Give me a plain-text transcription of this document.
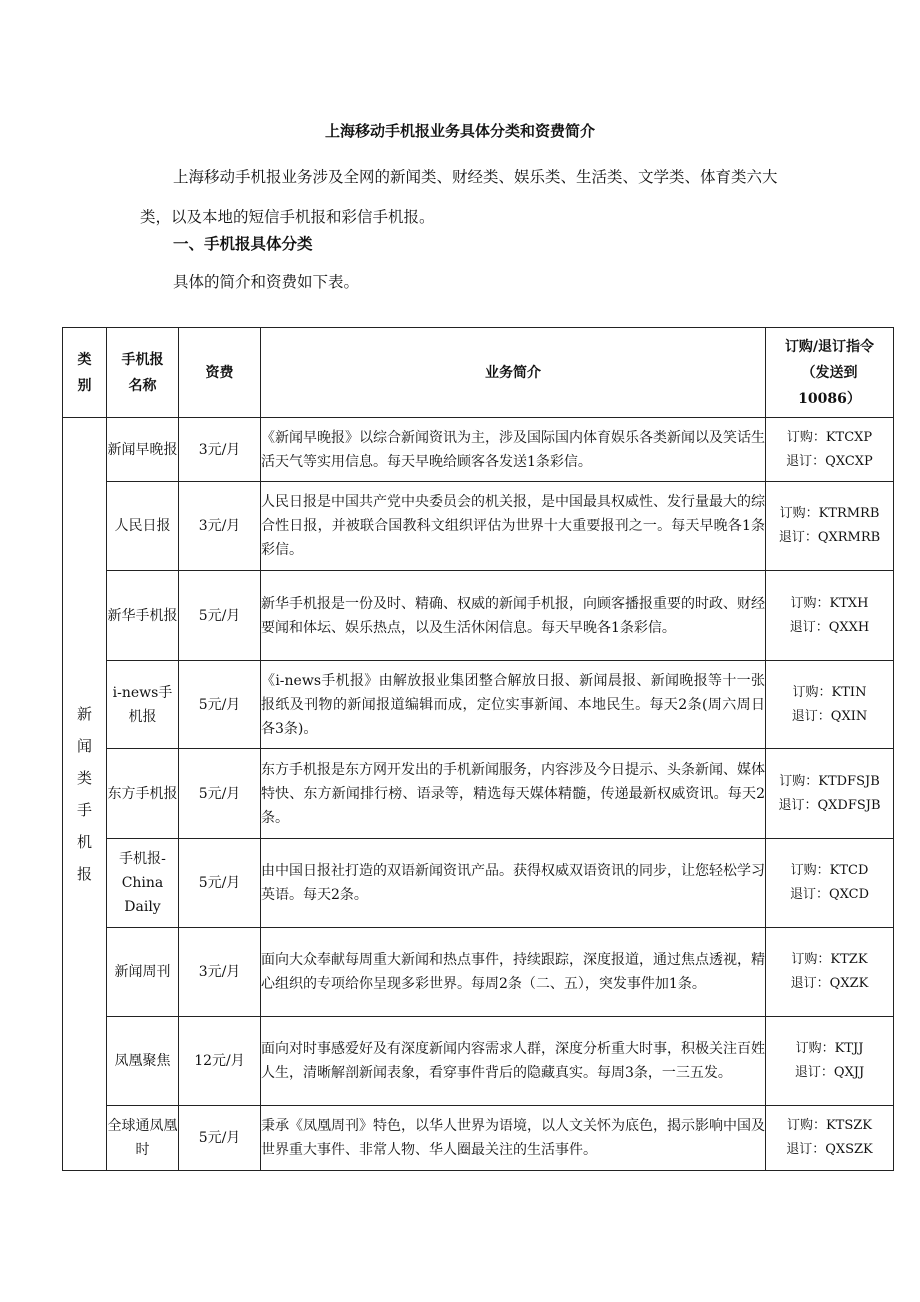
上海移动手机报业务具体分类和资费简介

上海移动手机报业务涉及全网的新闻类、财经类、娱乐类、生活类、文学类、体育类六大类，以及本地的短信手机报和彩信手机报。

一、手机报具体分类
具体的简介和资费如下表。
类别	手机报名称	资费	业务简介	订购/退订指令（发送到10086）
新闻类手机报	新闻早晚报	3元/月	《新闻早晚报》以综合新闻资讯为主，涉及国际国内体育娱乐各类新闻以及笑话生活天气等实用信息。每天早晚给顾客各发送1条彩信。	订购：KTCXP
退订：QXCXP

	人民日报	3元/月	人民日报是中国共产党中央委员会的机关报，是中国最具权威性、发行量最大的综合性日报，并被联合国教科文组织评估为世界十大重要报刊之一。每天早晚各1条彩信。	订购：KTRMRB
退订：QXRMRB

	新华手机报	5元/月	新华手机报是一份及时、精确、权威的新闻手机报，向顾客播报重要的时政、财经要闻和体坛、娱乐热点，以及生活休闲信息。每天早晚各1条彩信。	订购：KTXH
退订：QXXH

	i-news手机报	5元/月	《i-news手机报》由解放报业集团整合解放日报、新闻晨报、新闻晚报等十一张报纸及刊物的新闻报道编辑而成，定位实事新闻、本地民生。每天2条(周六周日各3条)。	订购：KTIN
退订：QXIN

	东方手机报	5元/月	东方手机报是东方网开发出的手机新闻服务，内容涉及今日提示、头条新闻、媒体特快、东方新闻排行榜、语录等，精选每天媒体精髓，传递最新权威资讯。每天2条。	订购：KTDFSJB
退订：QXDFSJB

	手机报-China Daily	5元/月	由中国日报社打造的双语新闻资讯产品。获得权威双语资讯的同步，让您轻松学习英语。每天2条。	订购：KTCD
退订：QXCD

	新闻周刊	3元/月	面向大众奉献每周重大新闻和热点事件，持续跟踪，深度报道，通过焦点透视，精心组织的专项给你呈现多彩世界。每周2条（二、五），突发事件加1条。	订购：KTZK
退订：QXZK

	凤凰聚焦	12元/月	面向对时事感爱好及有深度新闻内容需求人群，深度分析重大时事，积极关注百姓人生，清晰解剖新闻表象，看穿事件背后的隐藏真实。每周3条，一三五发。	订购：KTJJ
退订：QXJJ

	全球通凤凰时	5元/月	秉承《凤凰周刊》特色，以华人世界为语境，以人文关怀为底色，揭示影响中国及世界重大事件、非常人物、华人圈最关注的生活事件。	订购：KTSZK
退订：QXSZK
